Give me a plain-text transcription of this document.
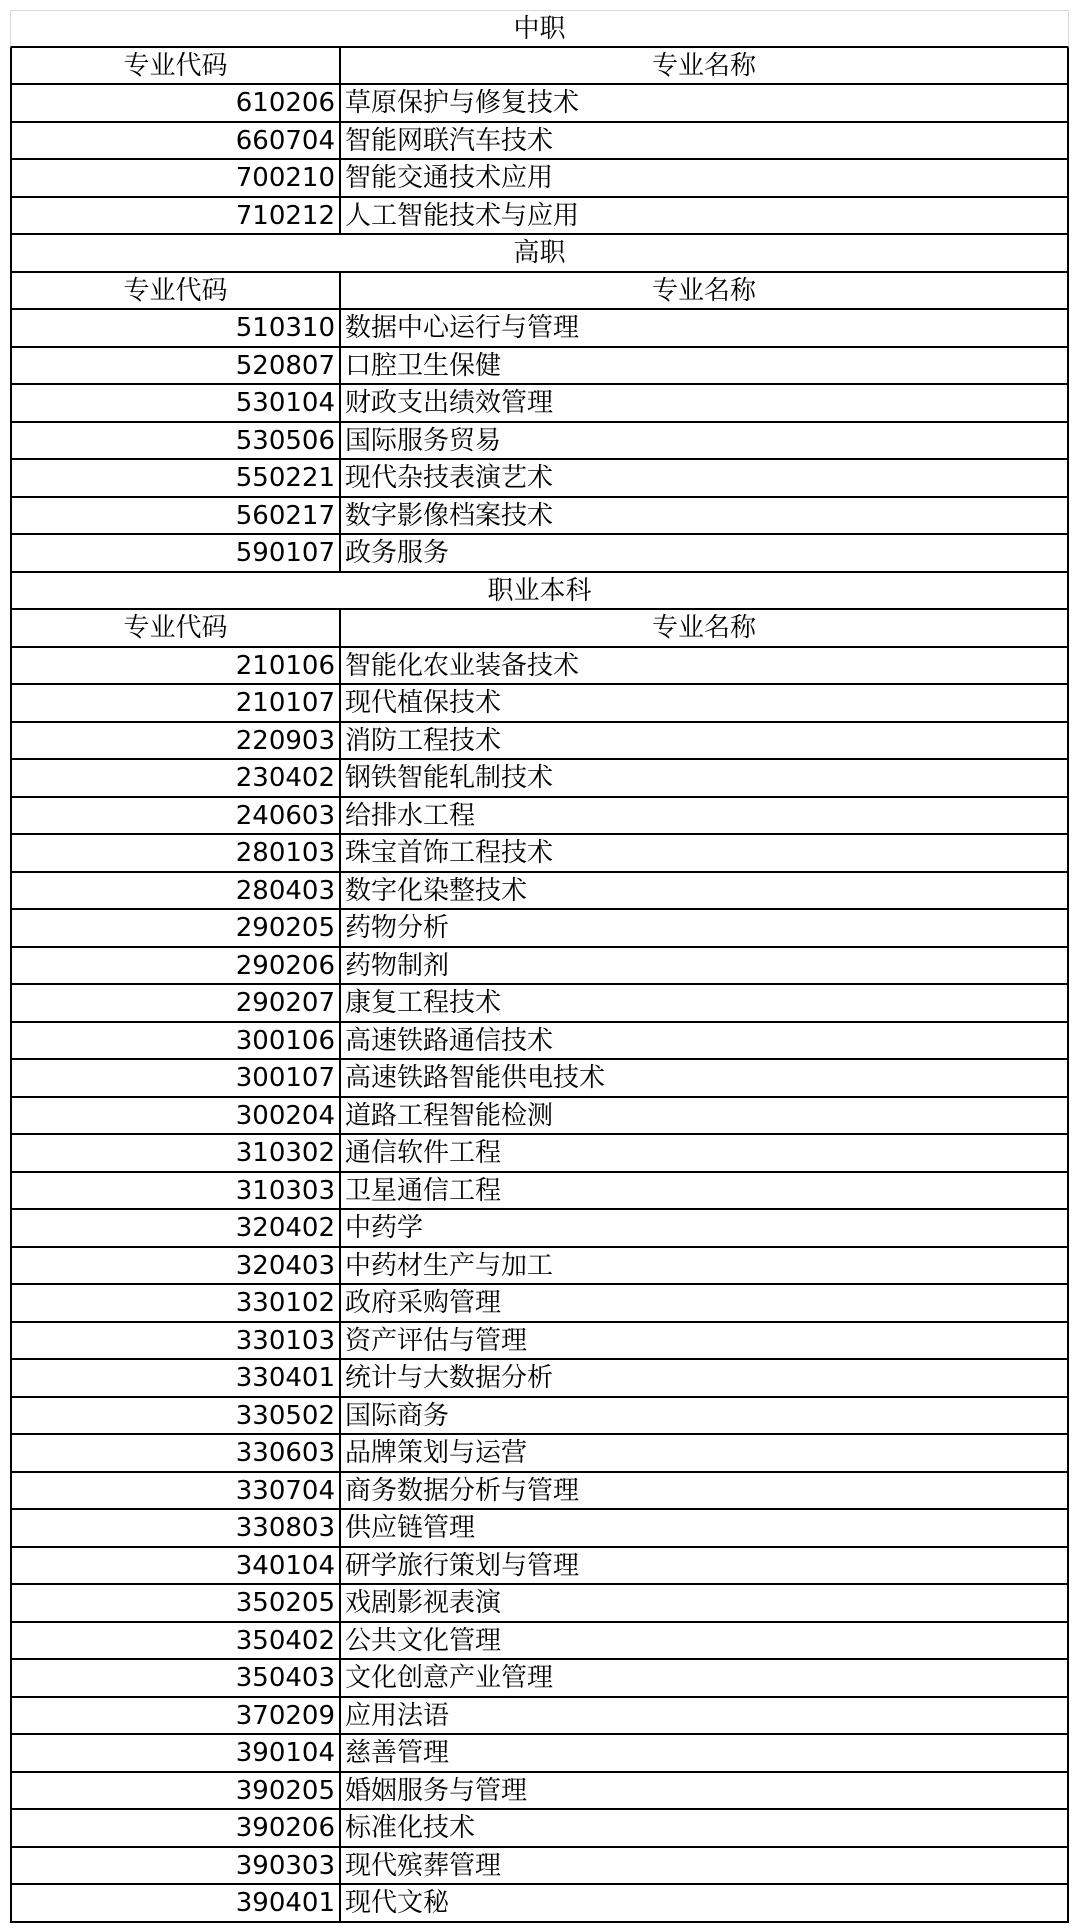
中职
专业代码	专业名称
610206 草原保护与修复技术
660704 智能网联汽车技术
700210 智能交通技术应用
710212 人工智能技术与应用
高职
专业代码	专业名称
510310 数据中心运行与管理
520807 口腔卫生保健
530104 财政支出绩效管理
530506 国际服务贸易
550221 现代杂技表演艺术
560217 数字影像档案技术
590107 政务服务
职业本科
专业代码	专业名称
210106 智能化农业装备技术
210107 现代植保技术
220903 消防工程技术
230402 钢铁智能轧制技术
240603 给排水工程
280103 珠宝首饰工程技术
280403 数字化染整技术
290205 药物分析
290206 药物制剂
290207 康复工程技术
300106 高速铁路通信技术
300107 高速铁路智能供电技术
300204 道路工程智能检测
310302 通信软件工程
310303 卫星通信工程
320402 中药学
320403 中药材生产与加工
330102 政府采购管理
330103 资产评估与管理
330401 统计与大数据分析
330502 国际商务
330603 品牌策划与运营
330704 商务数据分析与管理
330803 供应链管理
340104 研学旅行策划与管理
350205 戏剧影视表演
350402 公共文化管理
350403 文化创意产业管理
370209 应用法语
390104 慈善管理
390205 婚姻服务与管理
390206 标准化技术
390303 现代殡葬管理
390401 现代文秘
